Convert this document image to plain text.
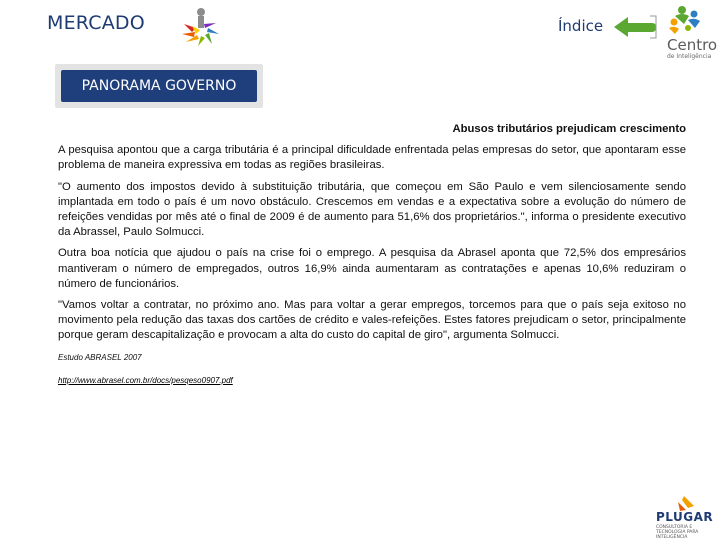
MERCADO	Índice
Centro
de Inteligência
PANORAMA GOVERNO
Abusos tributários prejudicam crescimento
A pesquisa apontou que a carga tributária é a principal dificuldade enfrentada pelas empresas do setor, que apontaram esse problema de maneira expressiva em todas as regiões brasileiras.
"O aumento dos impostos devido à substituição tributária, que começou em São Paulo e vem silenciosamente sendo implantada em todo o país é um novo obstáculo. Crescemos em vendas e a expectativa sobre a evolução do número de refeições vendidas por mês até o final de 2009 é de aumento para 51,6% dos proprietários.", informa o presidente executivo da Abrassel, Paulo Solmucci.
Outra boa notícia que ajudou o país na crise foi o emprego. A pesquisa da Abrasel aponta que 72,5% dos empresários mantiveram o número de empregados, outros 16,9% ainda aumentaram as contratações e apenas 10,6% reduziram o número de funcionários.
"Vamos voltar a contratar, no próximo ano. Mas para voltar a gerar empregos, torcemos para que o país seja exitoso no movimento pela redução das taxas dos cartões de crédito e vales-refeições. Estes fatores prejudicam o setor, principalmente porque geram descapitalização e provocam a alta do custo do capital de giro", argumenta Solmucci.
Estudo ABRASEL 2007
http://www.abrasel.com.br/docs/pesqeso0907.pdf
PLUGAR
CONSULTORIA E TECNOLOGIA PARA INTELIGÊNCIA
